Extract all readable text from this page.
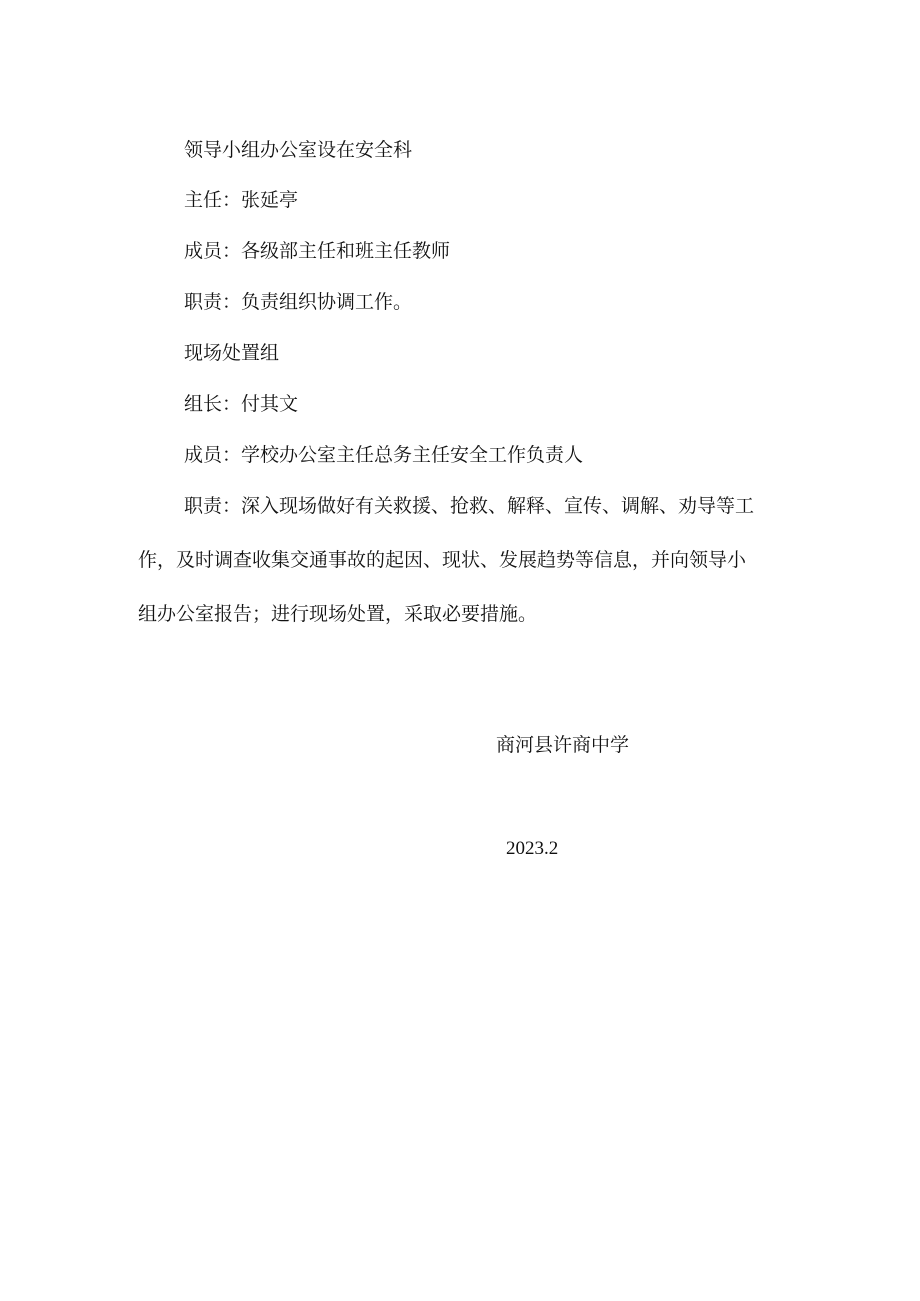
领导小组办公室设在安全科

主任：张延亭

成员：各级部主任和班主任教师

职责：负责组织协调工作。

现场处置组

组长：付其文

成员：学校办公室主任总务主任安全工作负责人

职责：深入现场做好有关救援、抢救、解释、宣传、调解、劝导等工
作，及时调查收集交通事故的起因、现状、发展趋势等信息，并向领导小
组办公室报告；进行现场处置，采取必要措施。

商河县许商中学

2023.2
